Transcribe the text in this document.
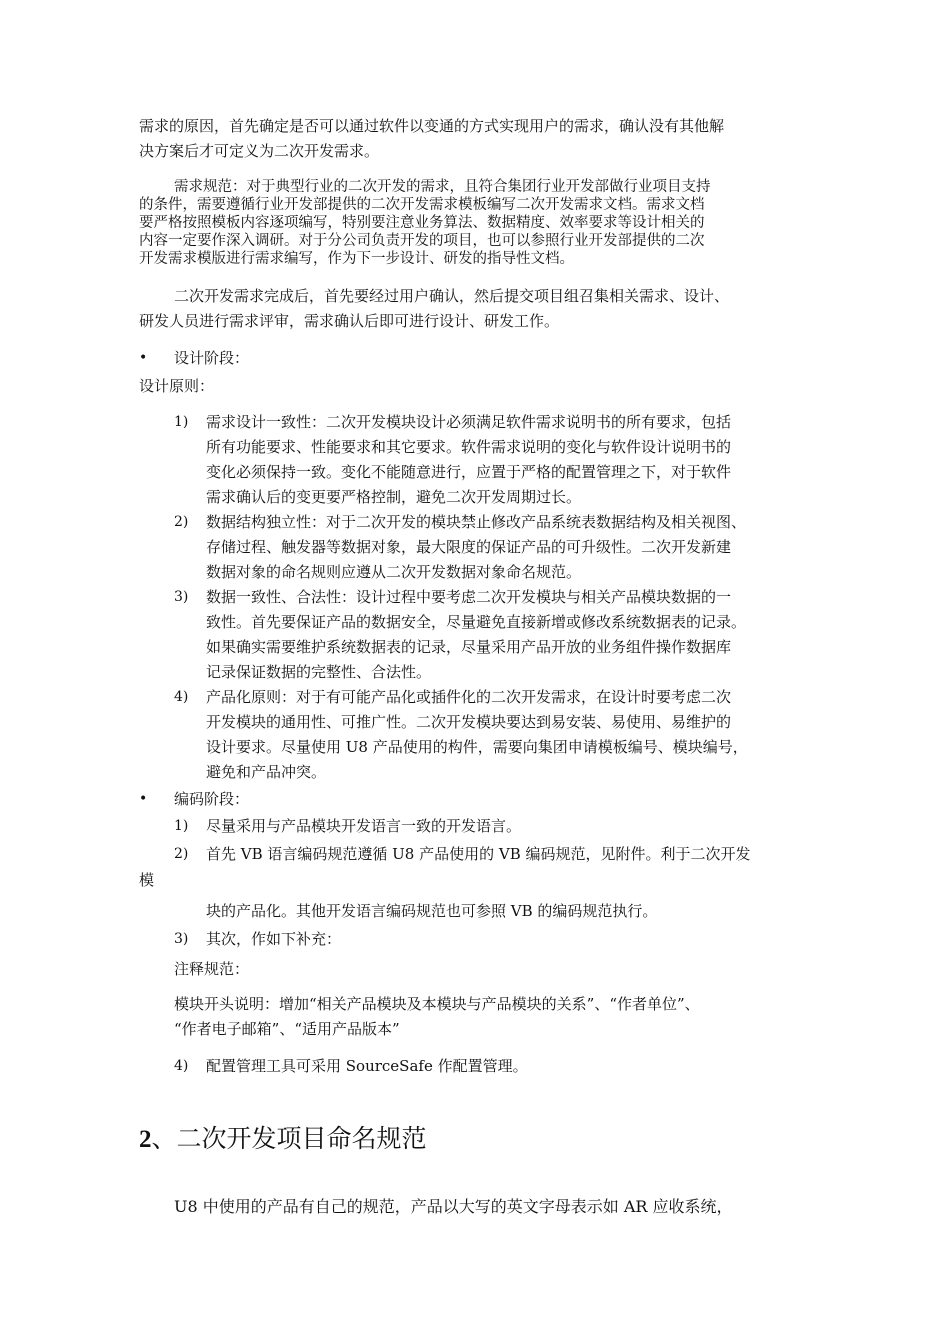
需求的原因，首先确定是否可以通过软件以变通的方式实现用户的需求，确认没有其他解
决方案后才可定义为二次开发需求。
需求规范：对于典型行业的二次开发的需求，且符合集团行业开发部做行业项目支持
的条件，需要遵循行业开发部提供的二次开发需求模板编写二次开发需求文档。需求文档
要严格按照模板内容逐项编写，特别要注意业务算法、数据精度、效率要求等设计相关的
内容一定要作深入调研。对于分公司负责开发的项目，也可以参照行业开发部提供的二次
开发需求模版进行需求编写，作为下一步设计、研发的指导性文档。
二次开发需求完成后，首先要经过用户确认，然后提交项目组召集相关需求、设计、
研发人员进行需求评审，需求确认后即可进行设计、研发工作。
• 设计阶段：
设计原则：
1) 需求设计一致性：二次开发模块设计必须满足软件需求说明书的所有要求，包括
所有功能要求、性能要求和其它要求。软件需求说明的变化与软件设计说明书的
变化必须保持一致。变化不能随意进行，应置于严格的配置管理之下，对于软件
需求确认后的变更要严格控制，避免二次开发周期过长。
2) 数据结构独立性：对于二次开发的模块禁止修改产品系统表数据结构及相关视图、
存储过程、触发器等数据对象，最大限度的保证产品的可升级性。二次开发新建
数据对象的命名规则应遵从二次开发数据对象命名规范。
3) 数据一致性、合法性：设计过程中要考虑二次开发模块与相关产品模块数据的一
致性。首先要保证产品的数据安全，尽量避免直接新增或修改系统数据表的记录。
如果确实需要维护系统数据表的记录，尽量采用产品开放的业务组件操作数据库
记录保证数据的完整性、合法性。
4) 产品化原则：对于有可能产品化或插件化的二次开发需求，在设计时要考虑二次
开发模块的通用性、可推广性。二次开发模块要达到易安装、易使用、易维护的
设计要求。尽量使用 U8 产品使用的构件，需要向集团申请模板编号、模块编号，
避免和产品冲突。
• 编码阶段：
1) 尽量采用与产品模块开发语言一致的开发语言。
2) 首先 VB 语言编码规范遵循 U8 产品使用的 VB 编码规范，见附件。利于二次开发
模
块的产品化。其他开发语言编码规范也可参照 VB 的编码规范执行。
3) 其次，作如下补充：
注释规范：
模块开头说明：增加“相关产品模块及本模块与产品模块的关系”、“作者单位”、
“作者电子邮箱”、“适用产品版本”
4) 配置管理工具可采用 SourceSafe 作配置管理。
2、二次开发项目命名规范
U8 中使用的产品有自己的规范，产品以大写的英文字母表示如 AR 应收系统，
